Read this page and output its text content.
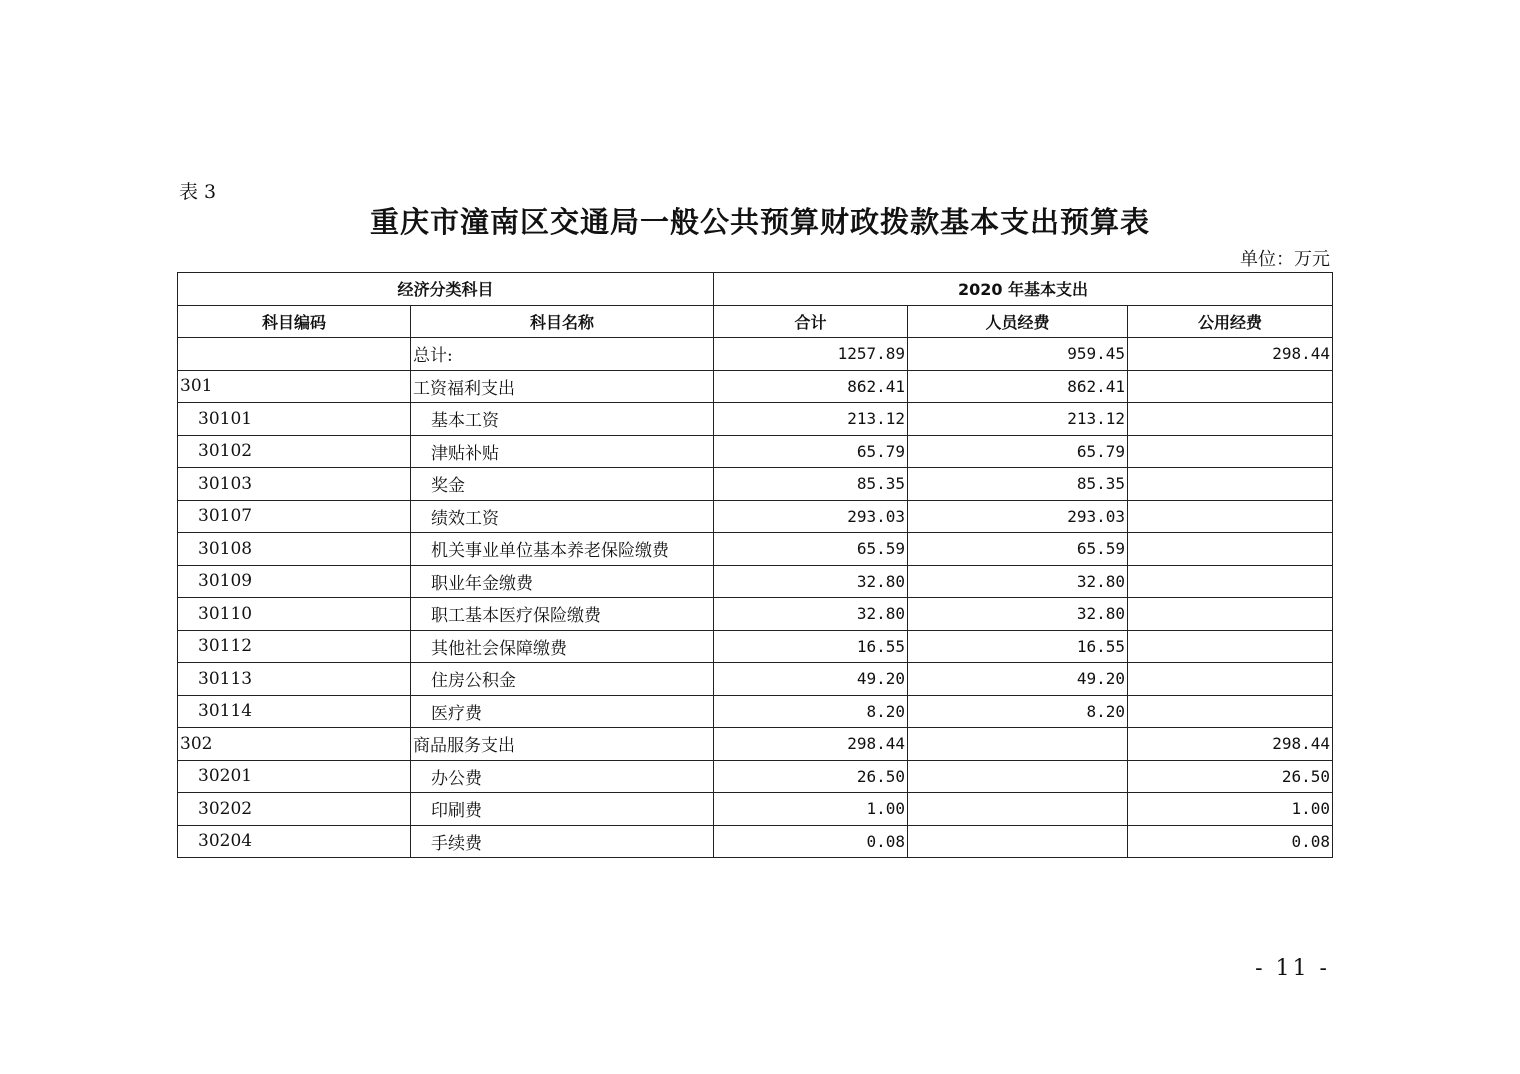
表 3
重庆市潼南区交通局一般公共预算财政拨款基本支出预算表
单位：万元
经济分类科目		2020 年基本支出		
科目编码	科目名称	合计	人员经费	公用经费
	总计:	1257.89	959.45	298.44
301	工资福利支出	862.41	862.41	
30101	基本工资	213.12	213.12	
30102	津贴补贴	65.79	65.79	
30103	奖金	85.35	85.35	
30107	绩效工资	293.03	293.03	
30108	机关事业单位基本养老保险缴费	65.59	65.59	
30109	职业年金缴费	32.80	32.80	
30110	职工基本医疗保险缴费	32.80	32.80	
30112	其他社会保障缴费	16.55	16.55	
30113	住房公积金	49.20	49.20	
30114	医疗费	8.20	8.20	
302	商品服务支出	298.44		298.44
30201	办公费	26.50		26.50
30202	印刷费	1.00		1.00
30204	手续费	0.08		0.08
- 11 -
